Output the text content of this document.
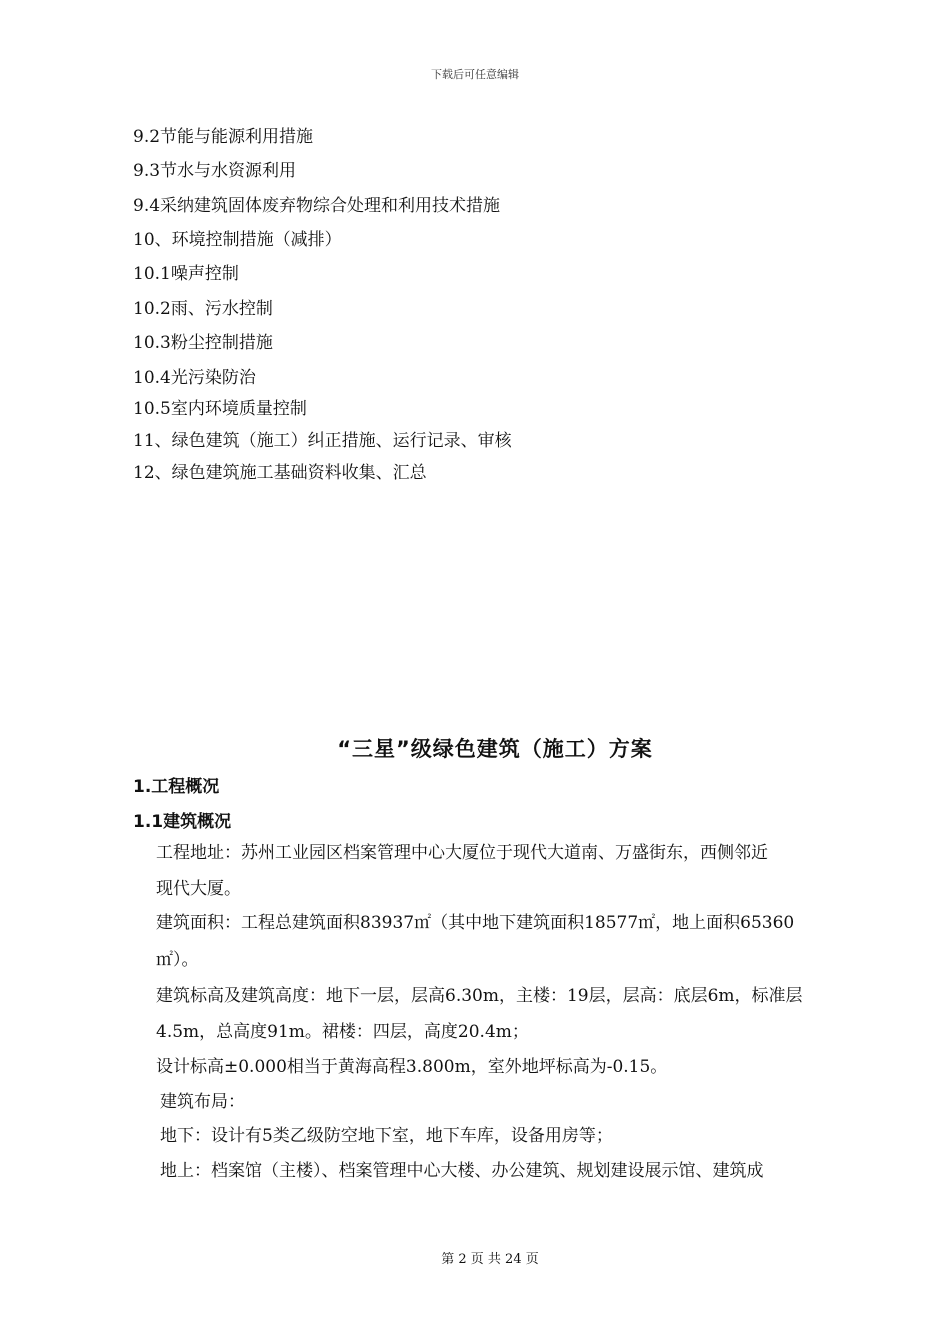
下载后可任意编辑
9.2节能与能源利用措施
9.3节水与水资源利用
9.4采纳建筑固体废弃物综合处理和利用技术措施
10、环境控制措施（减排）
10.1噪声控制
10.2雨、污水控制
10.3粉尘控制措施
10.4光污染防治
10.5室内环境质量控制
11、绿色建筑（施工）纠正措施、运行记录、审核
12、绿色建筑施工基础资料收集、汇总
“三星”级绿色建筑（施工）方案
1.工程概况
1.1建筑概况
工程地址：苏州工业园区档案管理中心大厦位于现代大道南、万盛街东，西侧邻近
现代大厦。
建筑面积：工程总建筑面积83937㎡（其中地下建筑面积18577㎡，地上面积65360
㎡）。
建筑标高及建筑高度：地下一层，层高6.30m，主楼：19层，层高：底层6m，标准层
4.5m，总高度91m。裙楼：四层，高度20.4m；
设计标高±0.000相当于黄海高程3.800m，室外地坪标高为-0.15。
建筑布局：
地下：设计有5类乙级防空地下室，地下车库，设备用房等；
地上：档案馆（主楼）、档案管理中心大楼、办公建筑、规划建设展示馆、建筑成
第 2 页 共 24 页
